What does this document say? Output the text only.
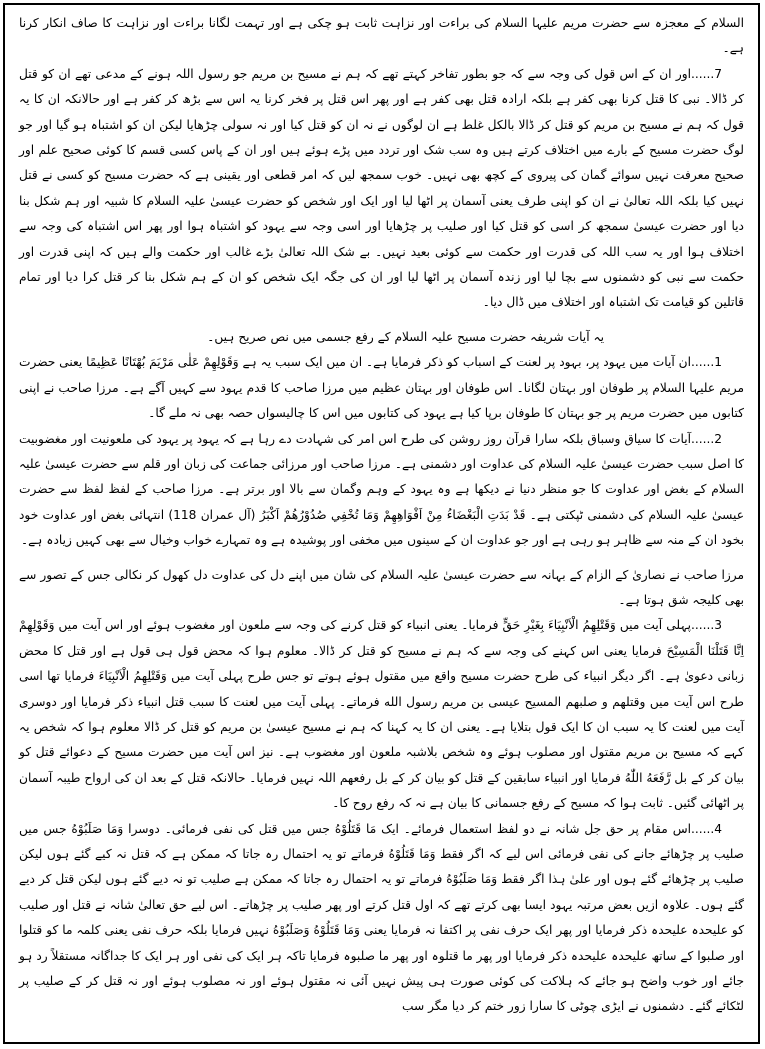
السلام کے معجزہ سے حضرت مریم علیہا السلام کی براءت اور نزاہت ثابت ہو چکی ہے اور تہمت لگانا براءت اور نزاہت کا صاف انکار کرنا ہے۔

7......اور ان کے اس قول کی وجہ سے کہ جو بطور تفاخر کہتے تھے کہ ہم نے مسیح بن مریم جو رسول اللہ ہونے کے مدعی تھے ان کو قتل کر ڈالا۔ نبی کا قتل کرنا بھی کفر ہے بلکہ ارادہ قتل بھی کفر ہے اور پھر اس قتل پر فخر کرنا یہ اس سے بڑھ کر کفر ہے اور حالانکہ ان کا یہ قول کہ ہم نے مسیح بن مریم کو قتل کر ڈالا بالکل غلط ہے ان لوگوں نے نہ ان کو قتل کیا اور نہ سولی چڑھایا لیکن ان کو اشتباہ ہو گیا اور جو لوگ حضرت مسیح کے بارے میں اختلاف کرتے ہیں وہ سب شک اور تردد میں پڑے ہوئے ہیں اور ان کے پاس کسی قسم کا کوئی صحیح علم اور صحیح معرفت نہیں سوائے گمان کی پیروی کے کچھ بھی نہیں۔ خوب سمجھ لیں کہ امر قطعی اور یقینی ہے کہ حضرت مسیح کو کسی نے قتل نہیں کیا بلکہ اللہ تعالیٰ نے ان کو اپنی طرف یعنی آسمان پر اٹھا لیا اور ایک اور شخص کو حضرت عیسیٰ علیہ السلام کا شبیہ اور ہم شکل بنا دیا اور حضرت عیسیٰ سمجھ کر اسی کو قتل کیا اور صلیب پر چڑھایا اور اسی وجہ سے یہود کو اشتباہ ہوا اور پھر اس اشتباہ کی وجہ سے اختلاف ہوا اور یہ سب اللہ کی قدرت اور حکمت سے کوئی بعید نہیں۔ بے شک اللہ تعالیٰ بڑے غالب اور حکمت والے ہیں کہ اپنی قدرت اور حکمت سے نبی کو دشمنوں سے بچا لیا اور زندہ آسمان پر اٹھا لیا اور ان کی جگہ ایک شخص کو ان کے ہم شکل بنا کر قتل کرا دیا اور تمام قاتلین کو قیامت تک اشتباہ اور اختلاف میں ڈال دیا۔

یہ آیات شریفہ حضرت مسیح علیہ السلام کے رفع جسمی میں نص صریح ہیں۔

1......ان آیات میں یہود پر، بہود پر لعنت کے اسباب کو ذکر فرمایا ہے۔ ان میں ایک سبب یہ ہے وَقَوْلِهِمْ عَلٰى مَرْيَمَ بُهْتَانًا عَظِيمًا یعنی حضرت مریم علیہا السلام پر طوفان اور بہتان لگانا۔ اس طوفان اور بہتان عظیم میں مرزا صاحب کا قدم یہود سے کہیں آگے ہے۔ مرزا صاحب نے اپنی کتابوں میں حضرت مریم پر جو بہتان کا طوفان برپا کیا ہے یہود کی کتابوں میں اس کا چالیسواں حصہ بھی نہ ملے گا۔

2......آیات کا سیاق وسباق بلکہ سارا قرآن روز روشن کی طرح اس امر کی شہادت دے رہا ہے کہ یہود پر یہود کی ملعونیت اور مغضوبیت کا اصل سبب حضرت عیسیٰ علیہ السلام کی عداوت اور دشمنی ہے۔ مرزا صاحب اور مرزائی جماعت کی زبان اور قلم سے حضرت عیسیٰ علیہ السلام کے بغض اور عداوت کا جو منظر دنیا نے دیکھا ہے وہ یہود کے وہم وگمان سے بالا اور برتر ہے۔ مرزا صاحب کے لفظ لفظ سے حضرت عیسیٰ علیہ السلام کی دشمنی ٹپکتی ہے۔ قَدْ بَدَتِ الْبَغْضَاءُ مِنْ اَفْوَاهِهِمْ وَمَا تُخْفِي صُدُوْرُهُمْ اَكْبَرُ (آل عمران 118) انتہائی بغض اور عداوت خود بخود ان کے منہ سے ظاہر ہو رہی ہے اور جو عداوت ان کے سینوں میں مخفی اور پوشیدہ ہے وہ تمہارے خواب وخیال سے بھی کہیں زیادہ ہے۔

مرزا صاحب نے نصاریٰ کے الزام کے بہانہ سے حضرت عیسیٰ علیہ السلام کی شان میں اپنے دل کی عداوت دل کھول کر نکالی جس کے تصور سے بھی کلیجہ شق ہوتا ہے۔

3......پہلی آیت میں وَقَتْلِهِمُ الْاَنْبِيَاءَ بِغَيْرِ حَقٍّ فرمایا۔ یعنی انبیاء کو قتل کرنے کی وجہ سے ملعون اور مغضوب ہوئے اور اس آیت میں وَقَوْلِهِمْ اِنَّا قَتَلْنَا الْمَسِيْحَ فرمایا یعنی اس کہنے کی وجہ سے کہ ہم نے مسیح کو قتل کر ڈالا۔ معلوم ہوا کہ محض قول ہی قول ہے اور قتل کا محض زبانی دعویٰ ہے۔ اگر دیگر انبیاء کی طرح حضرت مسیح واقع میں مقتول ہوئے ہوتے تو جس طرح پہلی آیت میں وَقَتْلِهِمُ الْاَنْبِيَاءَ فرمایا تھا اسی طرح اس آیت میں وقتلهم و صلبهم المسيح عيسى بن مريم رسول الله فرماتے۔ پہلی آیت میں لعنت کا سبب قتل انبیاء ذکر فرمایا اور دوسری آیت میں لعنت کا یہ سبب ان کا ایک قول بتلایا ہے۔ یعنی ان کا یہ کہنا کہ ہم نے مسیح عیسیٰ بن مریم کو قتل کر ڈالا معلوم ہوا کہ شخص یہ کہے کہ مسیح بن مریم مقتول اور مصلوب ہوئے وہ شخص بلاشبہ ملعون اور مغضوب ہے۔ نیز اس آیت میں حضرت مسیح کے دعوائے قتل کو بیان کر کے بل رَّفَعَهُ اللّٰهُ فرمایا اور انبیاء سابقین کے قتل کو بیان کر کے بل رفعهم اللہ نہیں فرمایا۔ حالانکہ قتل کے بعد ان کی ارواح طیبہ آسمان پر اٹھائی گئیں۔ ثابت ہوا کہ مسیح کے رفع جسمانی کا بیان ہے نہ کہ رفع روح کا۔

4......اس مقام پر حق جل شانہ نے دو لفظ استعمال فرمائے۔ ایک مَا قَتَلُوْهُ جس میں قتل کی نفی فرمائی۔ دوسرا وَمَا صَلَبُوْهُ جس میں صلیب پر چڑھائے جانے کی نفی فرمائی اس لیے کہ اگر فقط وَمَا قَتَلُوْهُ فرماتے تو یہ احتمال رہ جاتا کہ ممکن ہے کہ قتل نہ کیے گئے ہوں لیکن صلیب پر چڑھائے گئے ہوں اور علیٰ ہذا اگر فقط وَمَا صَلَبُوْهُ فرماتے تو یہ احتمال رہ جاتا کہ ممکن ہے صلیب تو نہ دیے گئے ہوں لیکن قتل کر دیے گئے ہوں۔ علاوہ ازیں بعض مرتبہ یہود ایسا بھی کرتے تھے کہ اول قتل کرتے اور پھر صلیب پر چڑھاتے۔ اس لیے حق تعالیٰ شانہ نے قتل اور صلیب کو علیحدہ علیحدہ ذکر فرمایا اور پھر ایک حرف نفی پر اکتفا نہ فرمایا یعنی وَمَا قَتَلُوْهُ وَصَلَبُوْهُ نہیں فرمایا بلکہ حرف نفی یعنی کلمہ ما کو قتلوا اور صلبوا کے ساتھ علیحدہ علیحدہ ذکر فرمایا اور پھر ما قتلوہ اور پھر ما صلبوہ فرمایا تاکہ ہر ایک کی نفی اور ہر ایک کا جداگانہ مستقلاً رد ہو جائے اور خوب واضح ہو جائے کہ ہلاکت کی کوئی صورت ہی پیش نہیں آئی نہ مقتول ہوئے اور نہ مصلوب ہوئے اور نہ قتل کر کے صلیب پر لٹکائے گئے۔ دشمنوں نے ایڑی چوٹی کا سارا زور ختم کر دیا مگر سب
